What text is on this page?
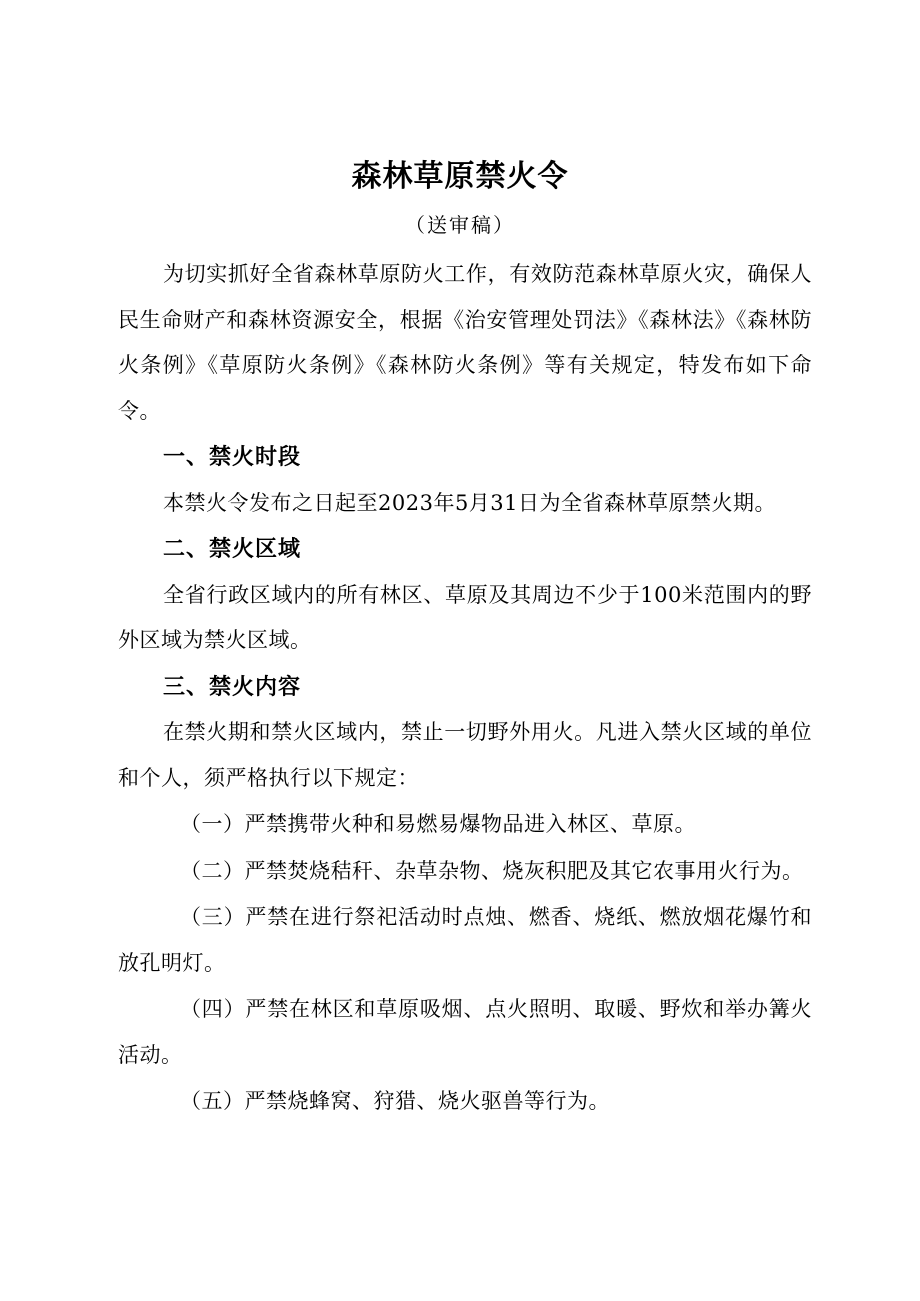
森林草原禁火令
（送审稿）

为切实抓好全省森林草原防火工作，有效防范森林草原火灾，确保人民生命财产和森林资源安全，根据《治安管理处罚法》《森林法》《森林防火条例》《草原防火条例》《森林防火条例》等有关规定，特发布如下命令。

一、禁火时段

本禁火令发布之日起至2023年5月31日为全省森林草原禁火期。

二、禁火区域

全省行政区域内的所有林区、草原及其周边不少于100米范围内的野外区域为禁火区域。

三、禁火内容

在禁火期和禁火区域内，禁止一切野外用火。凡进入禁火区域的单位和个人，须严格执行以下规定：

（一）严禁携带火种和易燃易爆物品进入林区、草原。

（二）严禁焚烧秸秆、杂草杂物、烧灰积肥及其它农事用火行为。

（三）严禁在进行祭祀活动时点烛、燃香、烧纸、燃放烟花爆竹和放孔明灯。

（四）严禁在林区和草原吸烟、点火照明、取暖、野炊和举办篝火活动。

（五）严禁烧蜂窝、狩猎、烧火驱兽等行为。
